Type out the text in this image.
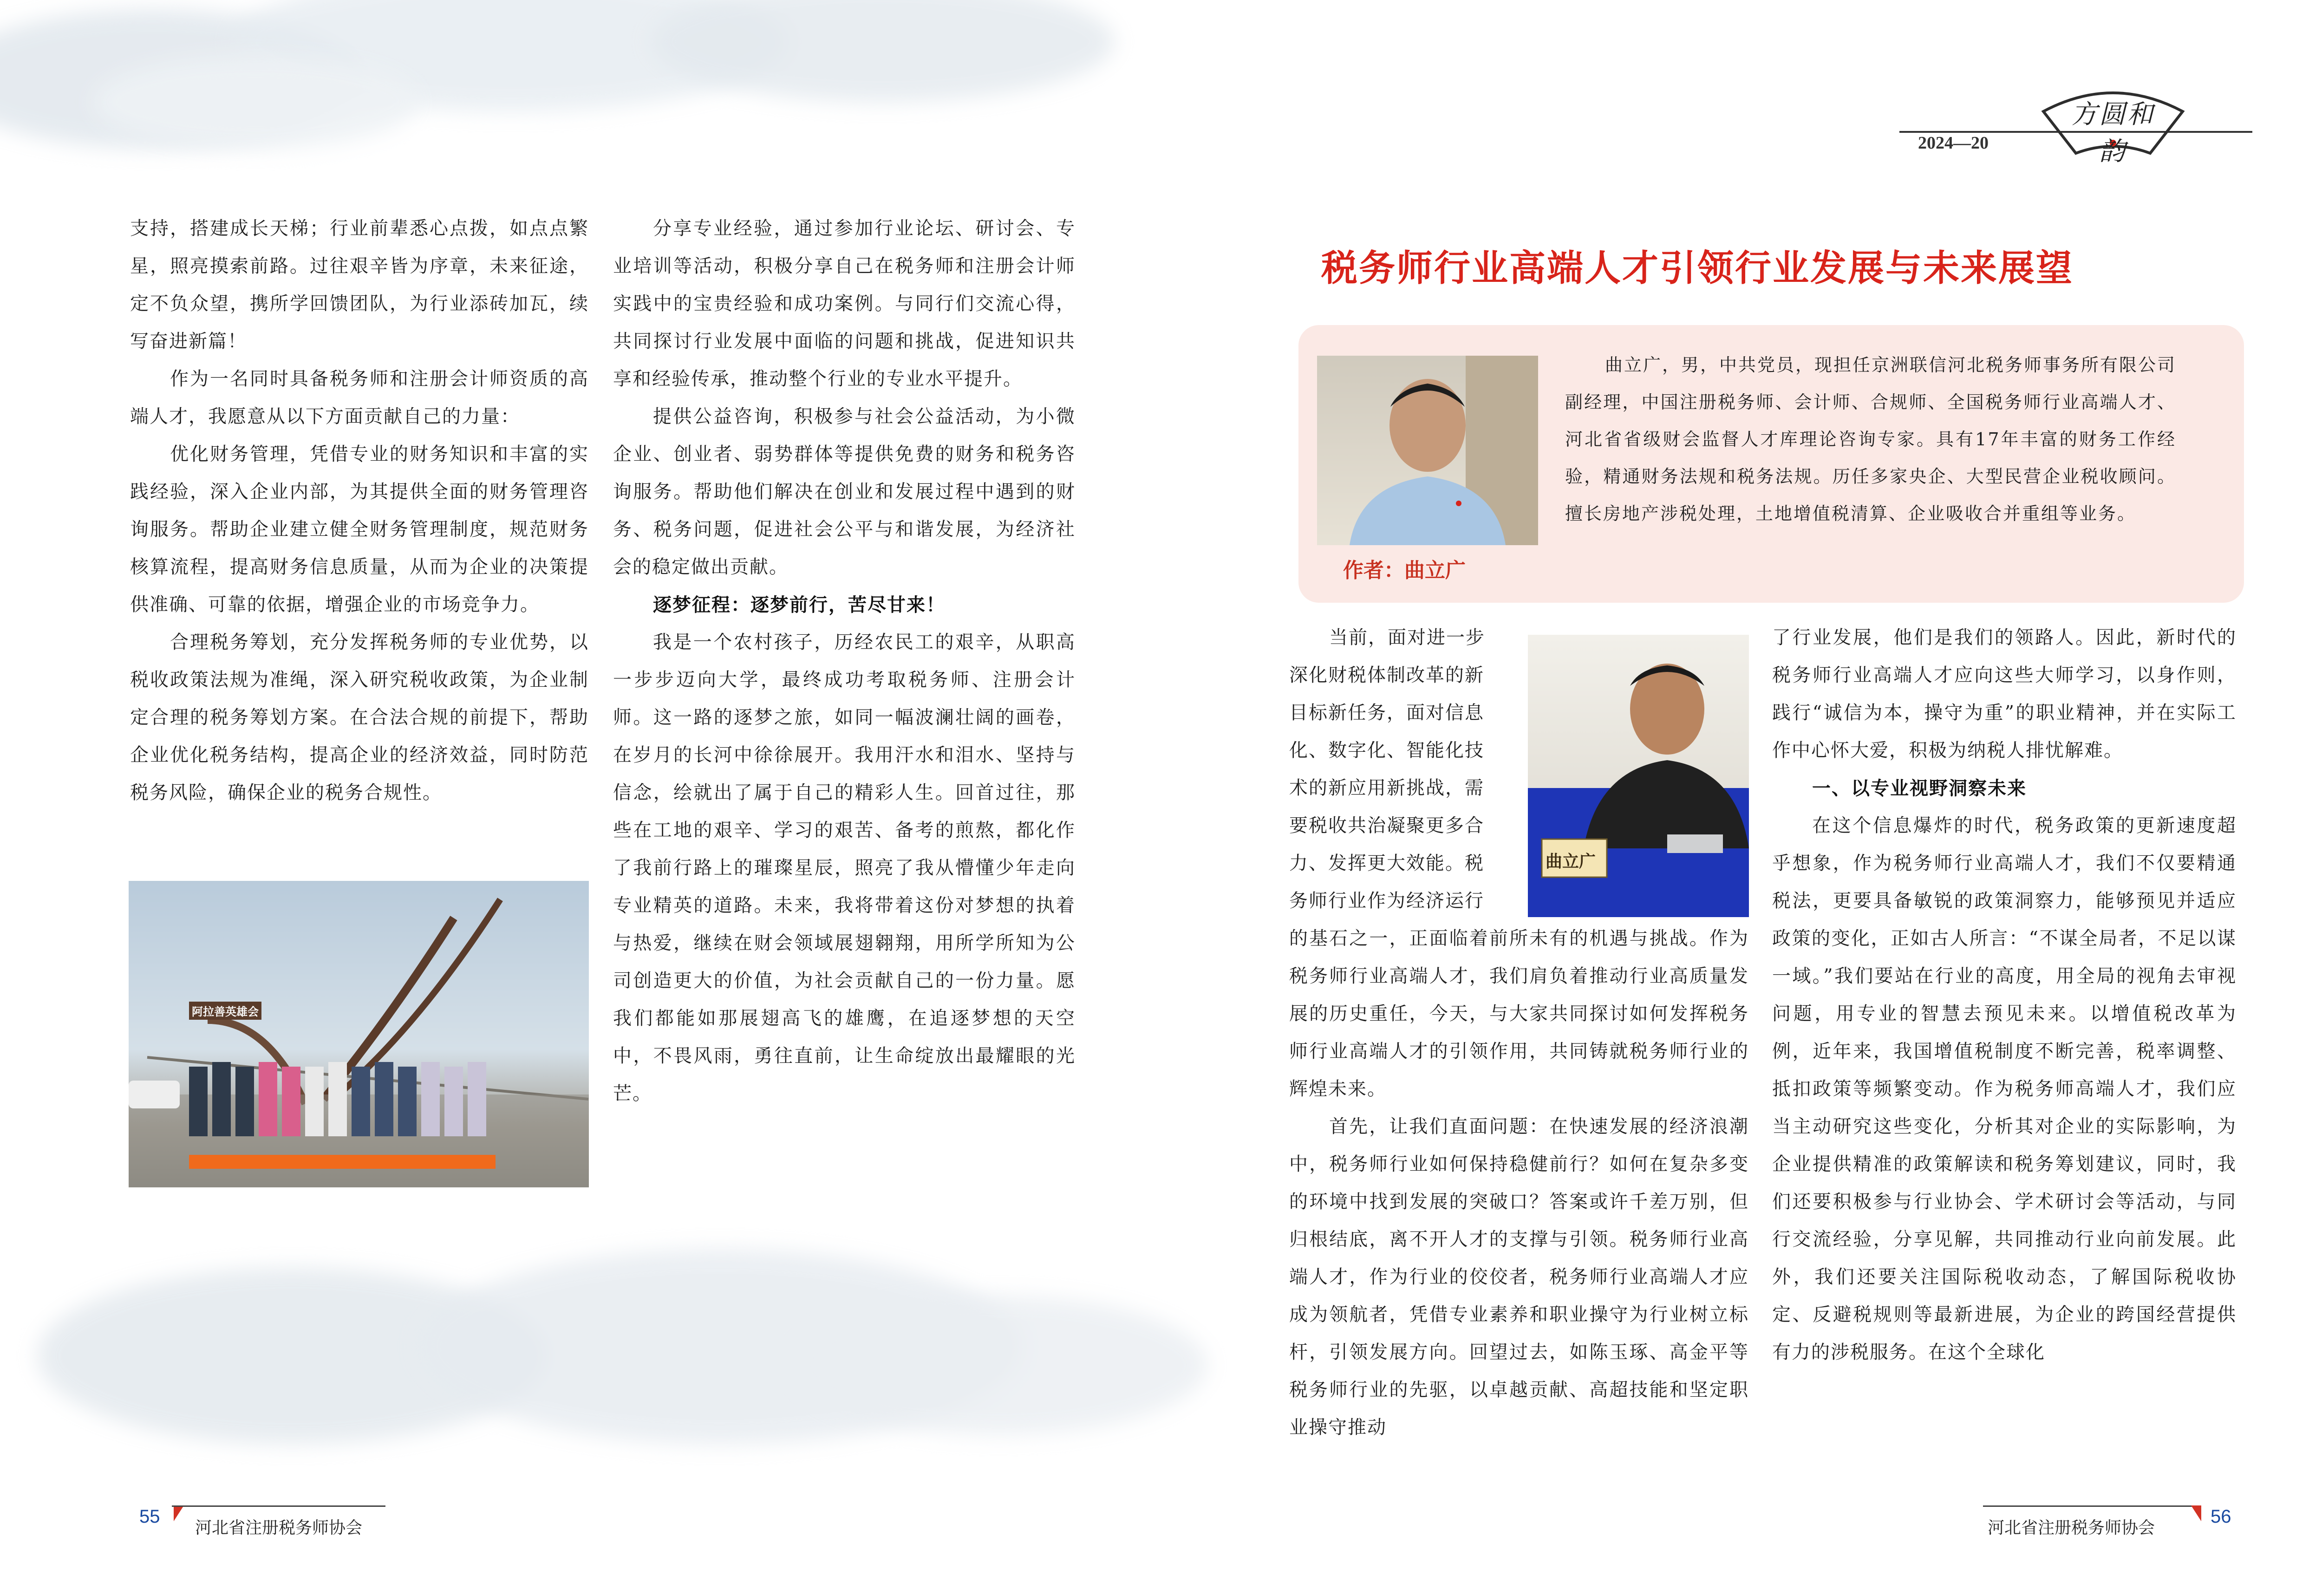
2024—20
方圆和韵

支持，搭建成长天梯；行业前辈悉心点拨，如点点繁星，照亮摸索前路。过往艰辛皆为序章，未来征途，定不负众望，携所学回馈团队，为行业添砖加瓦，续写奋进新篇！

作为一名同时具备税务师和注册会计师资质的高端人才，我愿意从以下方面贡献自己的力量：

优化财务管理，凭借专业的财务知识和丰富的实践经验，深入企业内部，为其提供全面的财务管理咨询服务。帮助企业建立健全财务管理制度，规范财务核算流程，提高财务信息质量，从而为企业的决策提供准确、可靠的依据，增强企业的市场竞争力。

合理税务筹划，充分发挥税务师的专业优势，以税收政策法规为准绳，深入研究税收政策，为企业制定合理的税务筹划方案。在合法合规的前提下，帮助企业优化税务结构，提高企业的经济效益，同时防范税务风险，确保企业的税务合规性。

阿拉善英雄会

分享专业经验，通过参加行业论坛、研讨会、专业培训等活动，积极分享自己在税务师和注册会计师实践中的宝贵经验和成功案例。与同行们交流心得，共同探讨行业发展中面临的问题和挑战，促进知识共享和经验传承，推动整个行业的专业水平提升。

提供公益咨询，积极参与社会公益活动，为小微企业、创业者、弱势群体等提供免费的财务和税务咨询服务。帮助他们解决在创业和发展过程中遇到的财务、税务问题，促进社会公平与和谐发展，为经济社会的稳定做出贡献。

逐梦征程：逐梦前行，苦尽甘来！

我是一个农村孩子，历经农民工的艰辛，从职高一步步迈向大学，最终成功考取税务师、注册会计师。这一路的逐梦之旅，如同一幅波澜壮阔的画卷，在岁月的长河中徐徐展开。我用汗水和泪水、坚持与信念，绘就出了属于自己的精彩人生。回首过往，那些在工地的艰辛、学习的艰苦、备考的煎熬，都化作了我前行路上的璀璨星辰，照亮了我从懵懂少年走向专业精英的道路。未来，我将带着这份对梦想的执着与热爱，继续在财会领域展翅翱翔，用所学所知为公司创造更大的价值，为社会贡献自己的一份力量。愿我们都能如那展翅高飞的雄鹰，在追逐梦想的天空中，不畏风雨，勇往直前，让生命绽放出最耀眼的光芒。

55
河北省注册税务师协会
税务师行业高端人才引领行业发展与未来展望
作者：曲立广

曲立广，男，中共党员，现担任京洲联信河北税务师事务所有限公司副经理，中国注册税务师、会计师、合规师、全国税务师行业高端人才、河北省省级财会监督人才库理论咨询专家。具有17年丰富的财务工作经验，精通财务法规和税务法规。历任多家央企、大型民营企业税收顾问。擅长房地产涉税处理，土地增值税清算、企业吸收合并重组等业务。

曲立广

当前，面对进一步

深化财税体制改革的新

目标新任务，面对信息

化、数字化、智能化技

术的新应用新挑战，需

要税收共治凝聚更多合

力、发挥更大效能。税

务师行业作为经济运行

的基石之一，正面临着前所未有的机遇与挑战。作为税务师行业高端人才，我们肩负着推动行业高质量发展的历史重任，今天，与大家共同探讨如何发挥税务师行业高端人才的引领作用，共同铸就税务师行业的辉煌未来。

首先，让我们直面问题：在快速发展的经济浪潮中，税务师行业如何保持稳健前行？如何在复杂多变的环境中找到发展的突破口？答案或许千差万别，但归根结底，离不开人才的支撑与引领。税务师行业高端人才，作为行业的佼佼者，税务师行业高端人才应成为领航者，凭借专业素养和职业操守为行业树立标杆，引领发展方向。回望过去，如陈玉琢、高金平等税务师行业的先驱，以卓越贡献、高超技能和坚定职业操守推动

了行业发展，他们是我们的领路人。因此，新时代的税务师行业高端人才应向这些大师学习，以身作则，践行“诚信为本，操守为重”的职业精神，并在实际工作中心怀大爱，积极为纳税人排忧解难。

一、以专业视野洞察未来

在这个信息爆炸的时代，税务政策的更新速度超乎想象，作为税务师行业高端人才，我们不仅要精通税法，更要具备敏锐的政策洞察力，能够预见并适应政策的变化，正如古人所言：“不谋全局者，不足以谋一域。”我们要站在行业的高度，用全局的视角去审视问题，用专业的智慧去预见未来。以增值税改革为例，近年来，我国增值税制度不断完善，税率调整、抵扣政策等频繁变动。作为税务师高端人才，我们应当主动研究这些变化，分析其对企业的实际影响，为企业提供精准的政策解读和税务筹划建议，同时，我们还要积极参与行业协会、学术研讨会等活动，与同行交流经验，分享见解，共同推动行业向前发展。此外，我们还要关注国际税收动态，了解国际税收协定、反避税规则等最新进展，为企业的跨国经营提供有力的涉税服务。在这个全球化

河北省注册税务师协会
56
